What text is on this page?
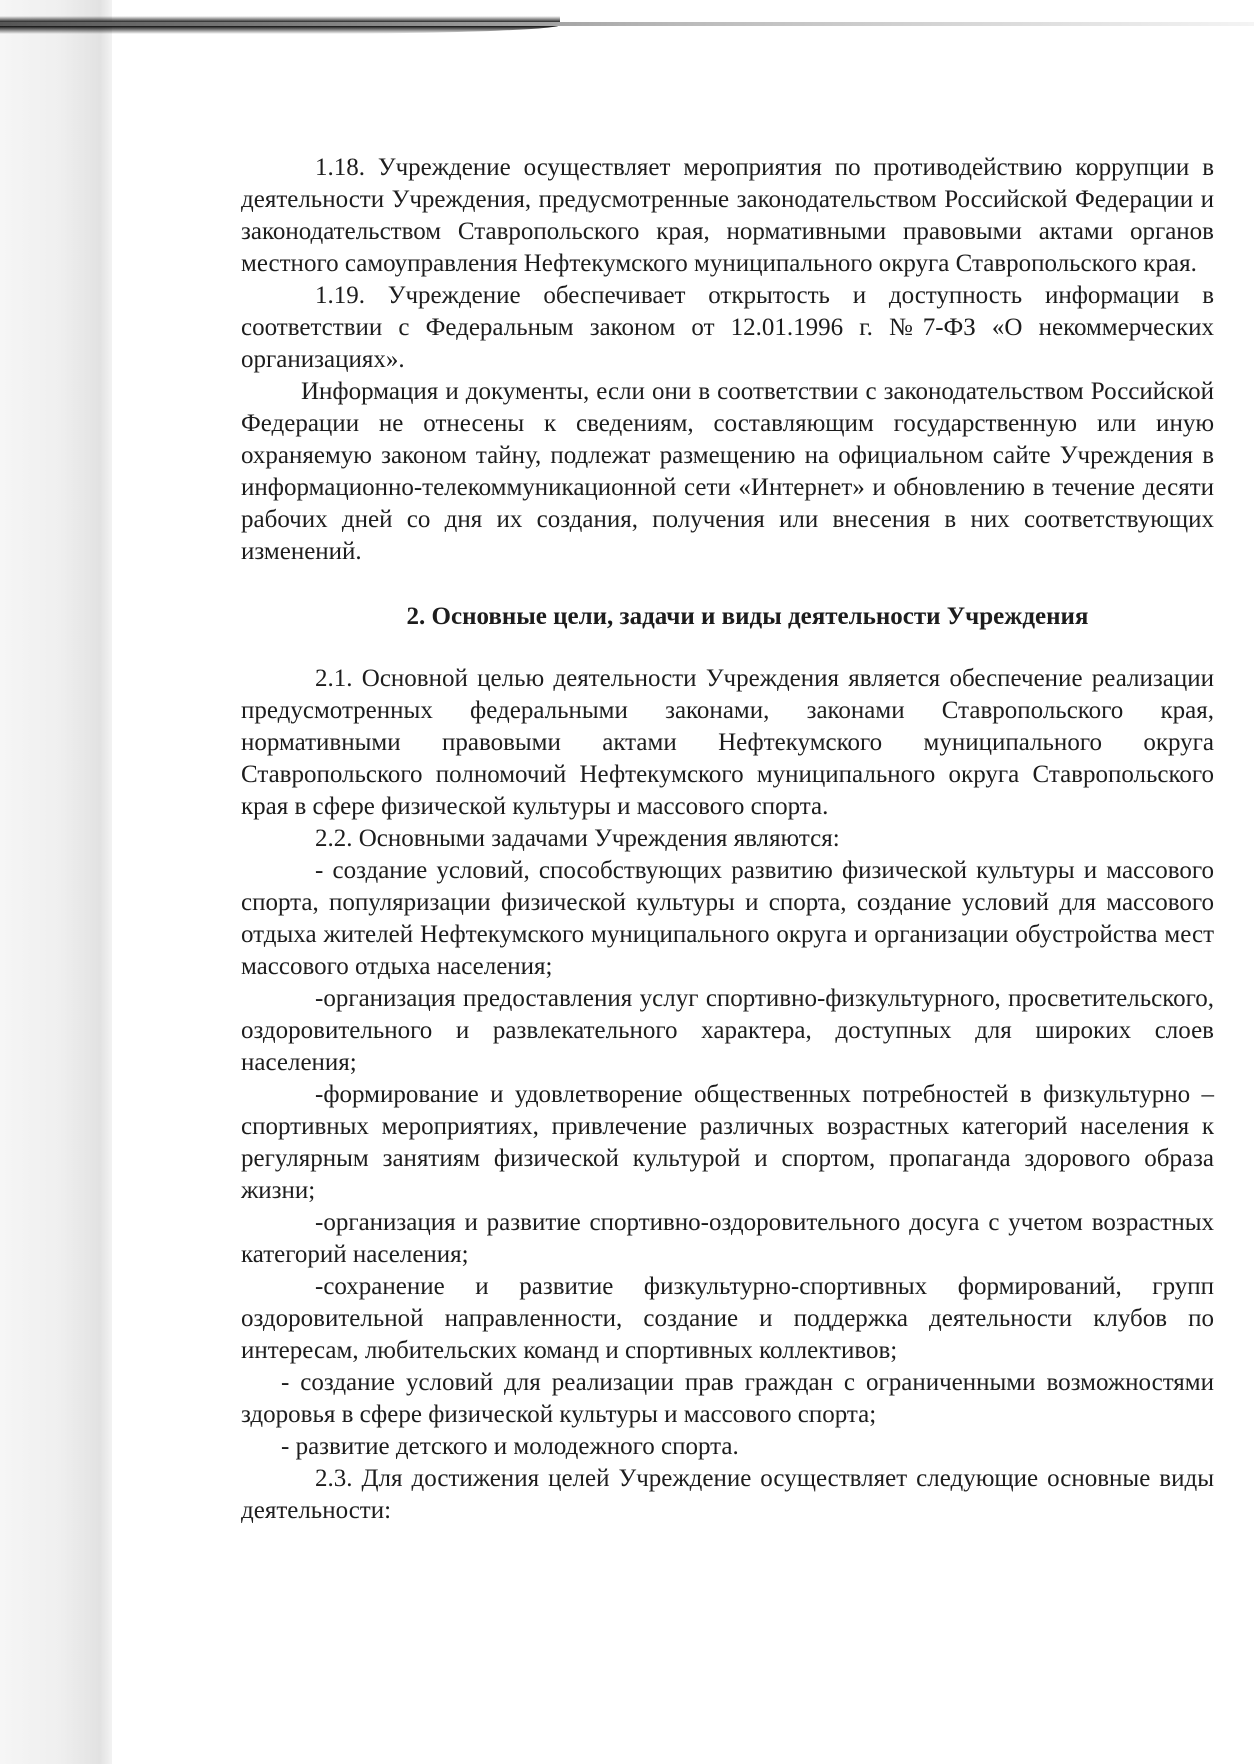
1.18. Учреждение осуществляет мероприятия по противодействию коррупции в деятельности Учреждения, предусмотренные законодательством Российской Федерации и законодательством Ставропольского края, нормативными правовыми актами органов местного самоуправления Нефтекумского муниципального округа Ставропольского края.

1.19. Учреждение обеспечивает открытость и доступность информации в соответствии с Федеральным законом от 12.01.1996 г. №7-ФЗ «О некоммерческих организациях».

Информация и документы, если они в соответствии с законодательством Российской Федерации не отнесены к сведениям, составляющим государственную или иную охраняемую законом тайну, подлежат размещению на официальном сайте Учреждения в информационно-телекоммуникационной сети «Интернет» и обновлению в течение десяти рабочих дней со дня их создания, получения или внесения в них соответствующих изменений.

2. Основные цели, задачи и виды деятельности Учреждения

2.1. Основной целью деятельности Учреждения является обеспечение реализации предусмотренных федеральными законами, законами Ставропольского края, нормативными правовыми актами Нефтекумского муниципального округа Ставропольского полномочий Нефтекумского муниципального округа Ставропольского края в сфере физической культуры и массового спорта.

2.2. Основными задачами Учреждения являются:

- создание условий, способствующих развитию физической культуры и массового спорта, популяризации физической культуры и спорта, создание условий для массового отдыха жителей Нефтекумского муниципального округа и организации обустройства мест массового отдыха населения;

-организация предоставления услуг спортивно-физкультурного, просветительского, оздоровительного и развлекательного характера, доступных для широких слоев населения;

-формирование и удовлетворение общественных потребностей в физкультурно – спортивных мероприятиях, привлечение различных возрастных категорий населения к регулярным занятиям физической культурой и спортом, пропаганда здорового образа жизни;

-организация и развитие спортивно-оздоровительного досуга с учетом возрастных категорий населения;

-сохранение и развитие физкультурно-спортивных формирований, групп оздоровительной направленности, создание и поддержка деятельности клубов по интересам, любительских команд и спортивных коллективов;

- создание условий для реализации прав граждан с ограниченными возможностями здоровья в сфере физической культуры и массового спорта;

- развитие детского и молодежного спорта.

2.3. Для достижения целей Учреждение осуществляет следующие основные виды деятельности:
